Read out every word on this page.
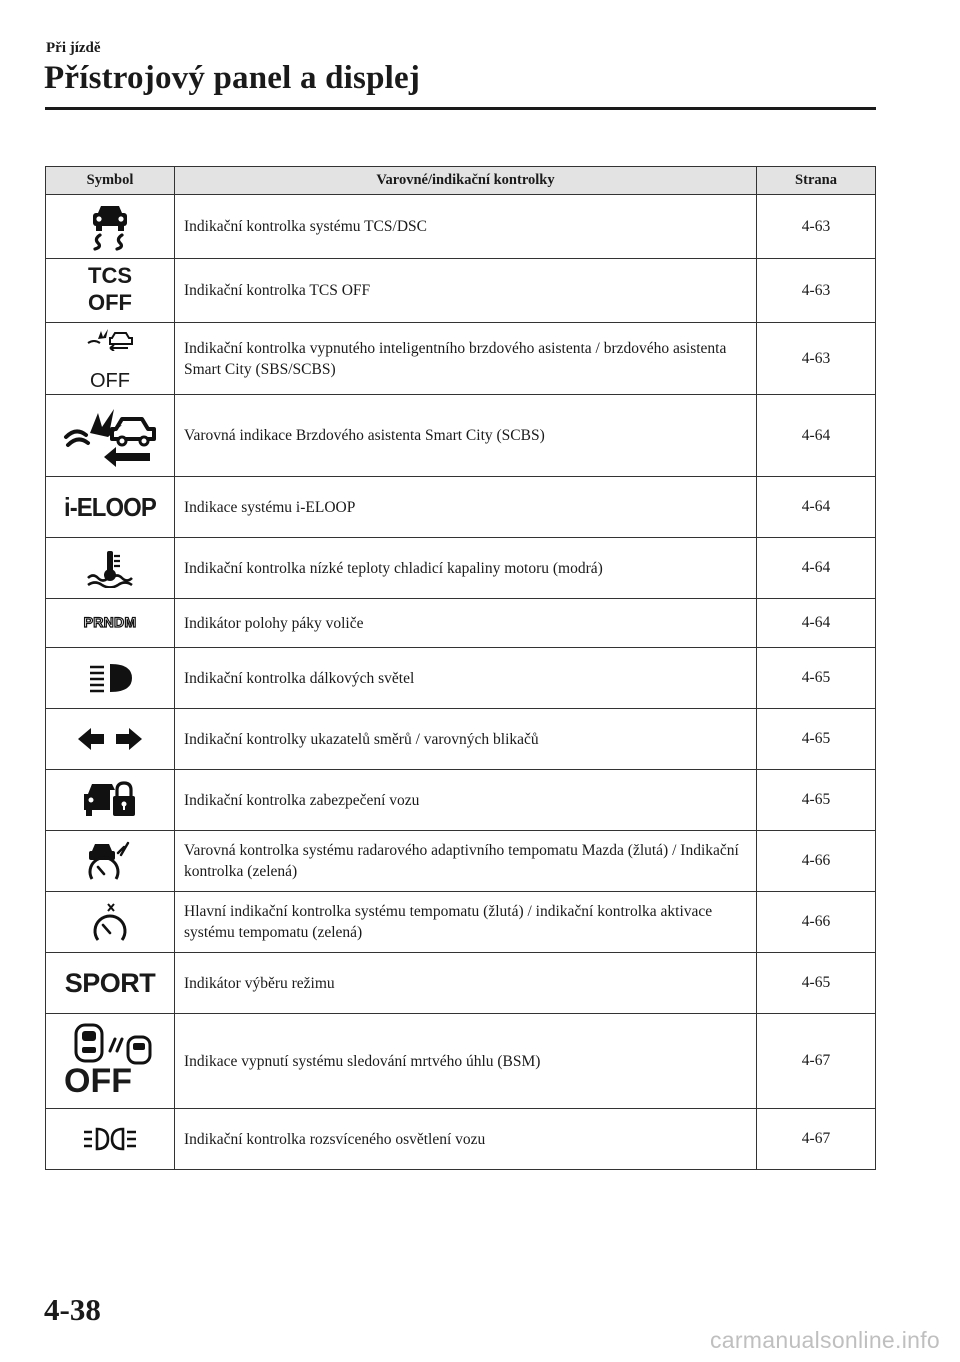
Při jízdě
Přístrojový panel a displej
Symbol	Varovné/indikační kontrolky	Strana

	Indikační kontrolka systému TCS/DSC	4-63

TCS
OFF	Indikační kontrolka TCS OFF	4-63

OFF	Indikační kontrolka vypnutého inteligentního brzdového asistenta / brzdového asistenta Smart City (SBS/SCBS)	4-63

	Varovná indikace Brzdového asistenta Smart City (SCBS)	4-64
i-ELOOP	Indikace systému i-ELOOP	4-64

	Indikační kontrolka nízké teploty chladicí kapaliny motoru (modrá)	4-64
PRNDM	Indikátor polohy páky voliče	4-64

	Indikační kontrolka dálkových světel	4-65

	Indikační kontrolky ukazatelů směrů / varovných blikačů	4-65

	Indikační kontrolka zabezpečení vozu	4-65

	Varovná kontrolka systému radarového adaptivního tempomatu Mazda (žlutá) / Indikační kontrolka (zelená)	4-66

	Hlavní indikační kontrolka systému tempomatu (žlutá) / indikační kontrolka aktivace systému tempomatu (zelená)	4-66
SPORT	Indikátor výběru režimu	4-65

OFF	Indikace vypnutí systému sledování mrtvého úhlu (BSM)	4-67

	Indikační kontrolka rozsvíceného osvětlení vozu	4-67
4-38
carmanualsonline.info
